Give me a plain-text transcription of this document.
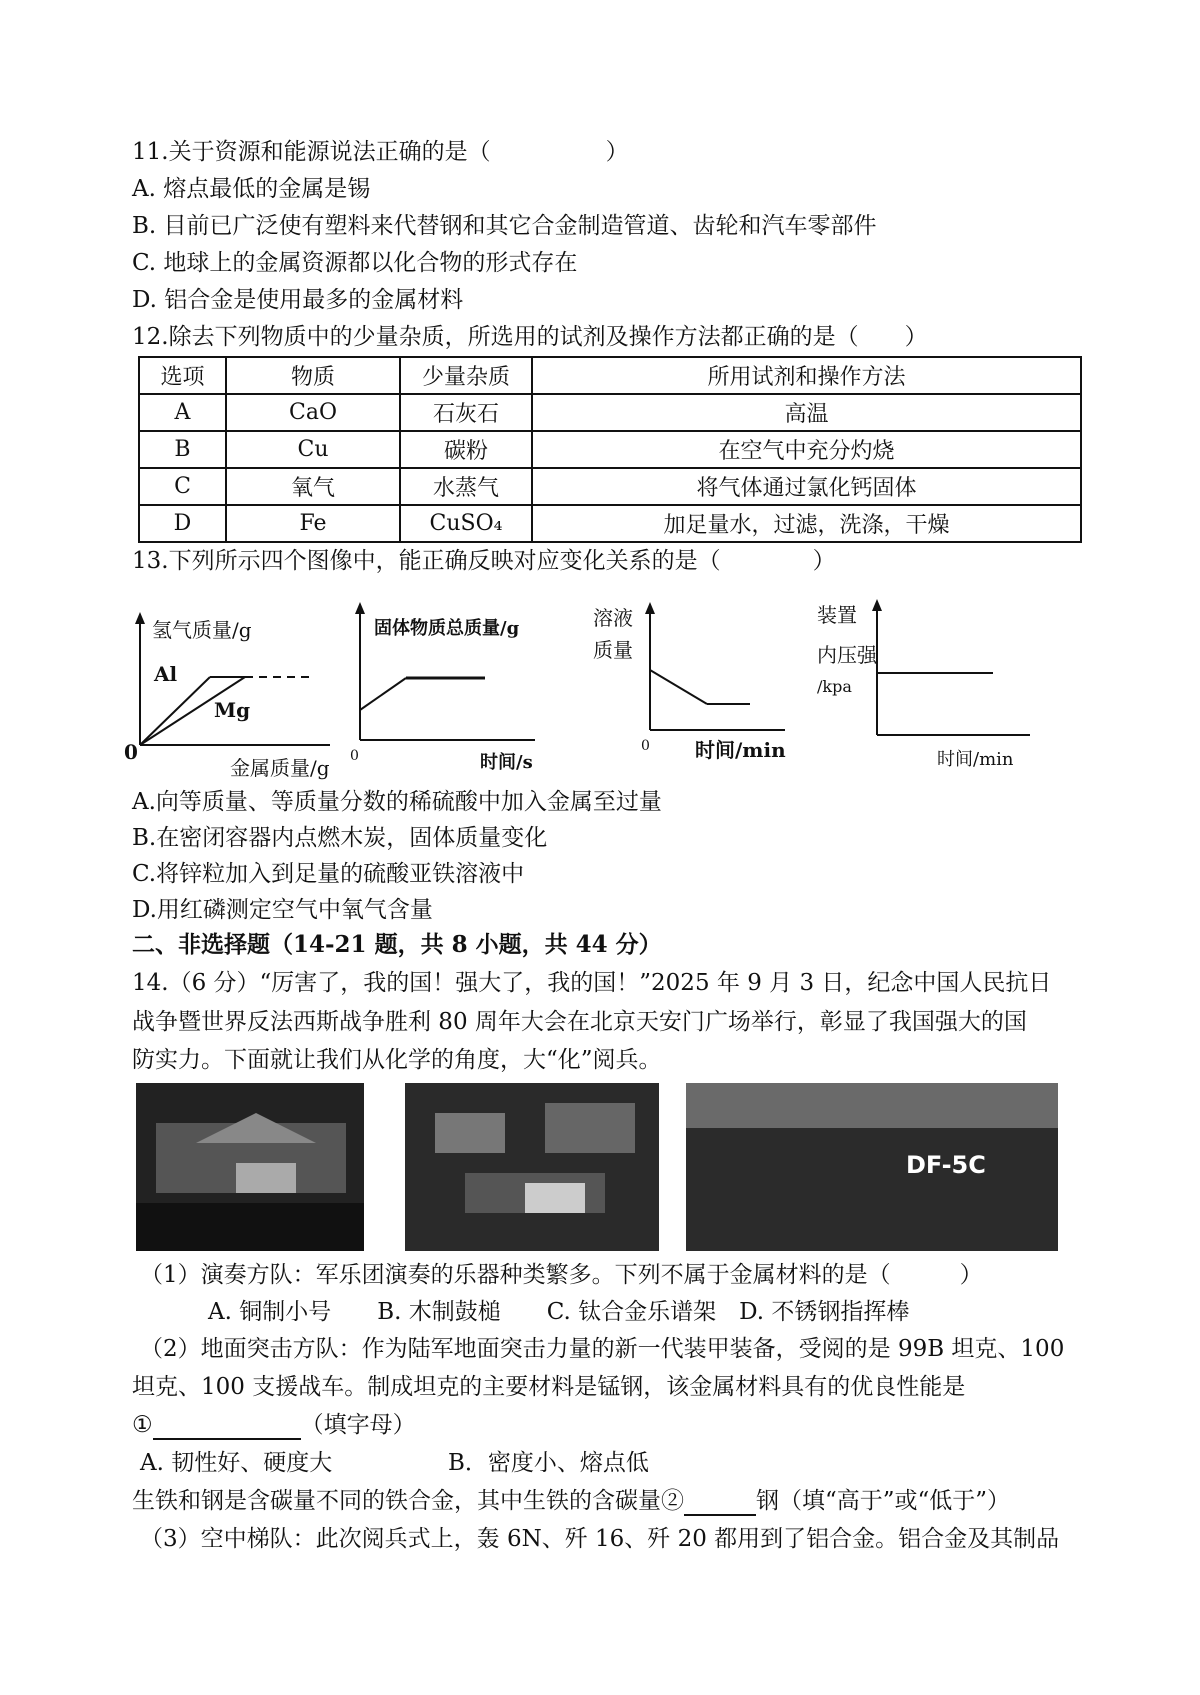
11.关于资源和能源说法正确的是（　　　　　）
A. 熔点最低的金属是锡
B. 目前已广泛使有塑料来代替钢和其它合金制造管道、齿轮和汽车零部件
C. 地球上的金属资源都以化合物的形式存在
D. 铝合金是使用最多的金属材料
12.除去下列物质中的少量杂质，所选用的试剂及操作方法都正确的是（　　）
选项	物质	少量杂质	所用试剂和操作方法
A	CaO	石灰石	高温
B	Cu	碳粉	在空气中充分灼烧
C	氧气	水蒸气	将气体通过氯化钙固体
D	Fe	CuSO₄	加足量水，过滤，洗涤，干燥
13.下列所示四个图像中，能正确反映对应变化关系的是（　　　　）
氢气质量/g
Al
Mg
0
金属质量/g
固体物质总质量/g
0	时间/s
溶液
质量
0 时间/min
装置
内压强
/kpa
时间/min
A.向等质量、等质量分数的稀硫酸中加入金属至过量
B.在密闭容器内点燃木炭，固体质量变化
C.将锌粒加入到足量的硫酸亚铁溶液中
D.用红磷测定空气中氧气含量
二、非选择题（14-21 题，共 8 小题，共 44 分）
14.（6 分）“厉害了，我的国！强大了，我的国！”2025 年 9 月 3 日，纪念中国人民抗日
战争暨世界反法西斯战争胜利 80 周年大会在北京天安门广场举行，彰显了我国强大的国
防实力。下面就让我们从化学的角度，大“化”阅兵。
DF-5C
（1）演奏方队：军乐团演奏的乐器种类繁多。下列不属于金属材料的是（　　　）
A. 铜制小号　　B. 木制鼓槌　　C. 钛合金乐谱架　D. 不锈钢指挥棒
（2）地面突击方队：作为陆军地面突击力量的新一代装甲装备，受阅的是 99B 坦克、100
坦克、100 支援战车。制成坦克的主要材料是锰钢，该金属材料具有的优良性能是
①	（填字母）
A. 韧性好、硬度大	B．密度小、熔点低
生铁和钢是含碳量不同的铁合金，其中生铁的含碳量②	钢（填“高于”或“低于”）
（3）空中梯队：此次阅兵式上，轰 6N、歼 16、歼 20 都用到了铝合金。铝合金及其制品
